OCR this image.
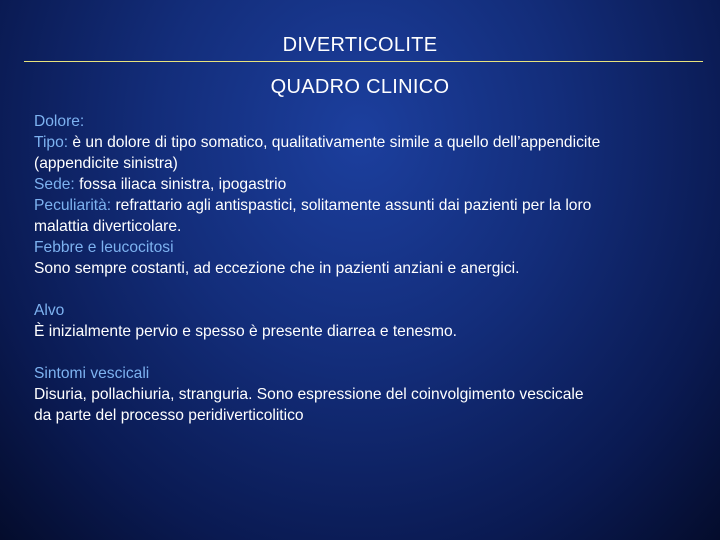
DIVERTICOLITE
QUADRO CLINICO
Dolore:
Tipo: è un dolore di tipo somatico, qualitativamente simile a quello dell’appendicite
(appendicite sinistra)
Sede: fossa iliaca sinistra, ipogastrio
Peculiarità: refrattario agli antispastici, solitamente assunti dai pazienti per la loro
malattia diverticolare.
Febbre e leucocitosi
Sono sempre costanti, ad eccezione che in pazienti anziani e anergici.
Alvo
È inizialmente pervio e spesso è presente diarrea e tenesmo.
Sintomi vescicali
Disuria, pollachiuria, stranguria. Sono espressione del coinvolgimento vescicale
da parte del processo peridiverticolitico
